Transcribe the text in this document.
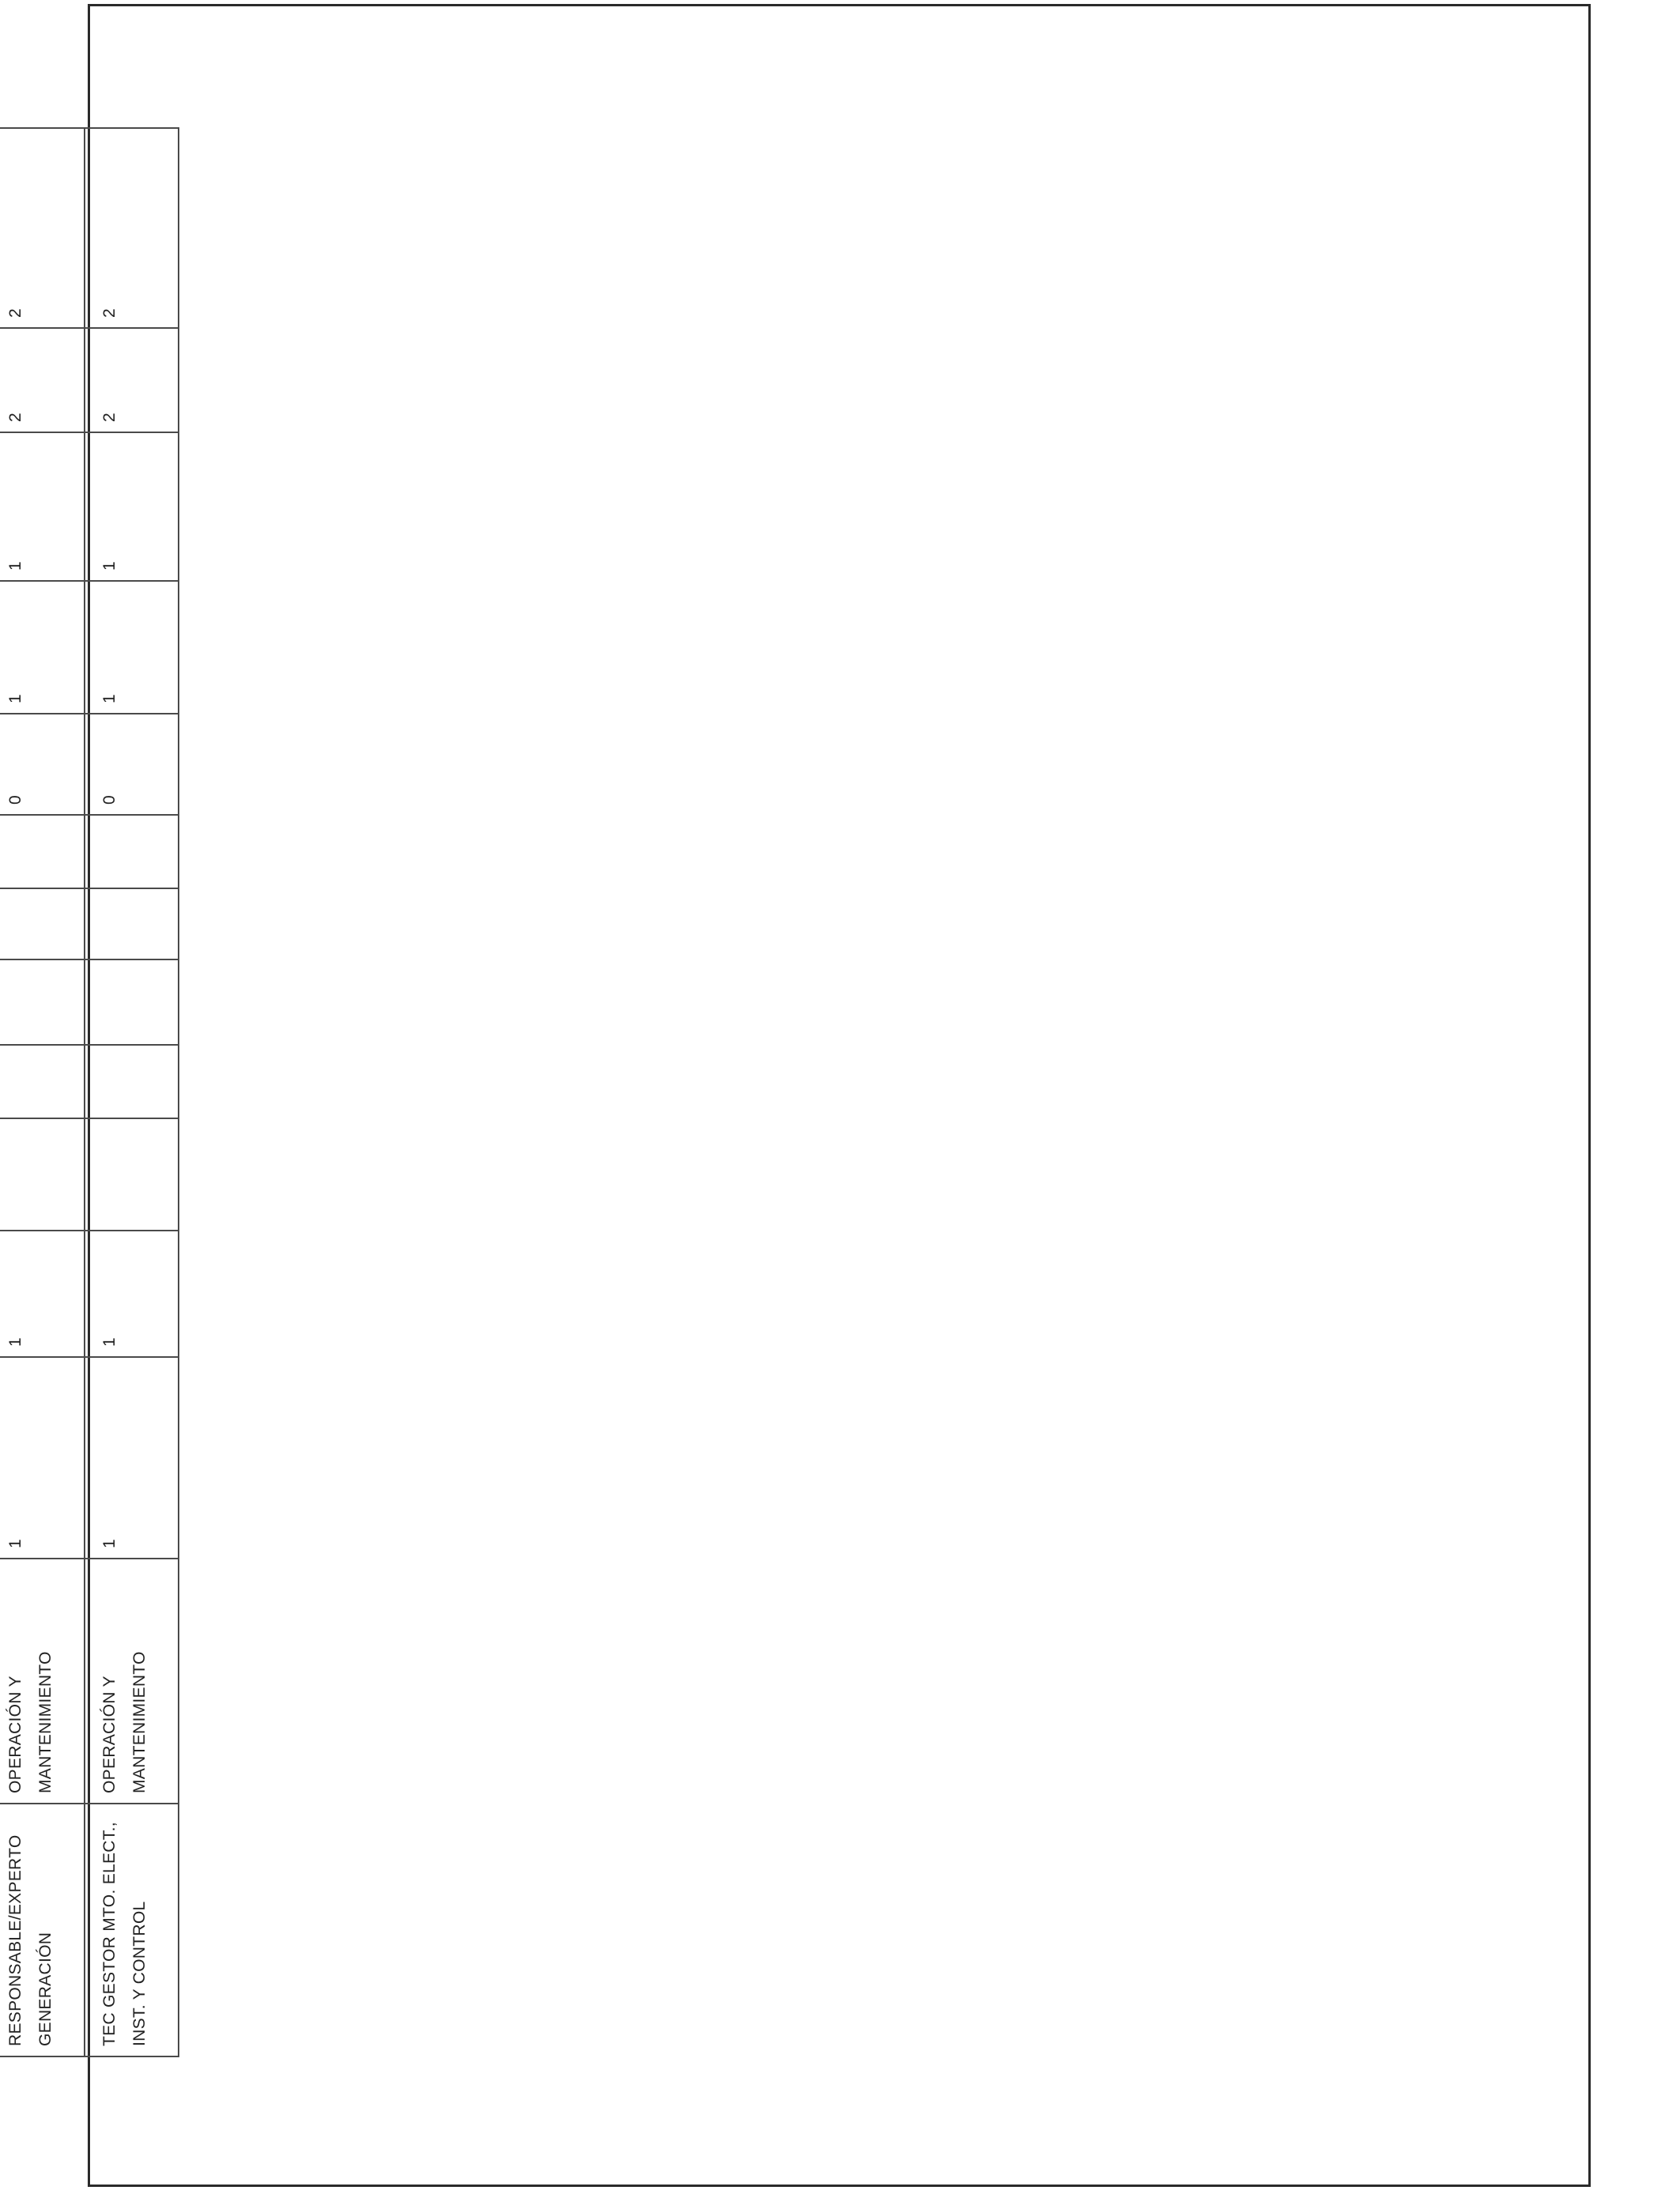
RESPONSABLE/EXPERTO GENERACIÓN	OPERACIÓN Y MANTENIMIENTO	1	1						0	1	1	2	2
TEC GESTOR MTO. ELECT., INST. Y CONTROL	OPERACIÓN Y MANTENIMIENTO	1	1						0	1	1	2	2
